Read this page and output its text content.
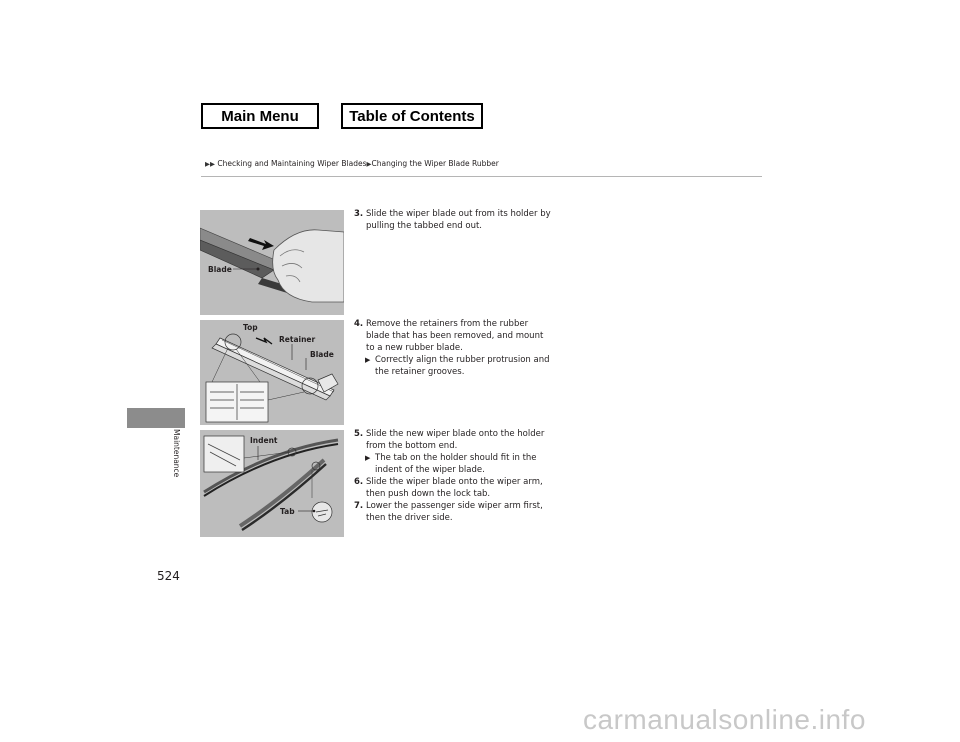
Main Menu	Table of Contents
▶▶ Checking and Maintaining Wiper Blades▶Changing the Wiper Blade Rubber
Maintenance
524
Blade
Top
Retainer
Blade
Indent
Tab
3. Slide the wiper blade out from its holder by pulling the tabbed end out.
4. Remove the retainers from the rubber blade that has been removed, and mount to a new rubber blade.
▶ Correctly align the rubber protrusion and the retainer grooves.
5. Slide the new wiper blade onto the holder from the bottom end.
▶ The tab on the holder should fit in the indent of the wiper blade.
6. Slide the wiper blade onto the wiper arm, then push down the lock tab.
7. Lower the passenger side wiper arm first, then the driver side.
carmanualsonline.info
